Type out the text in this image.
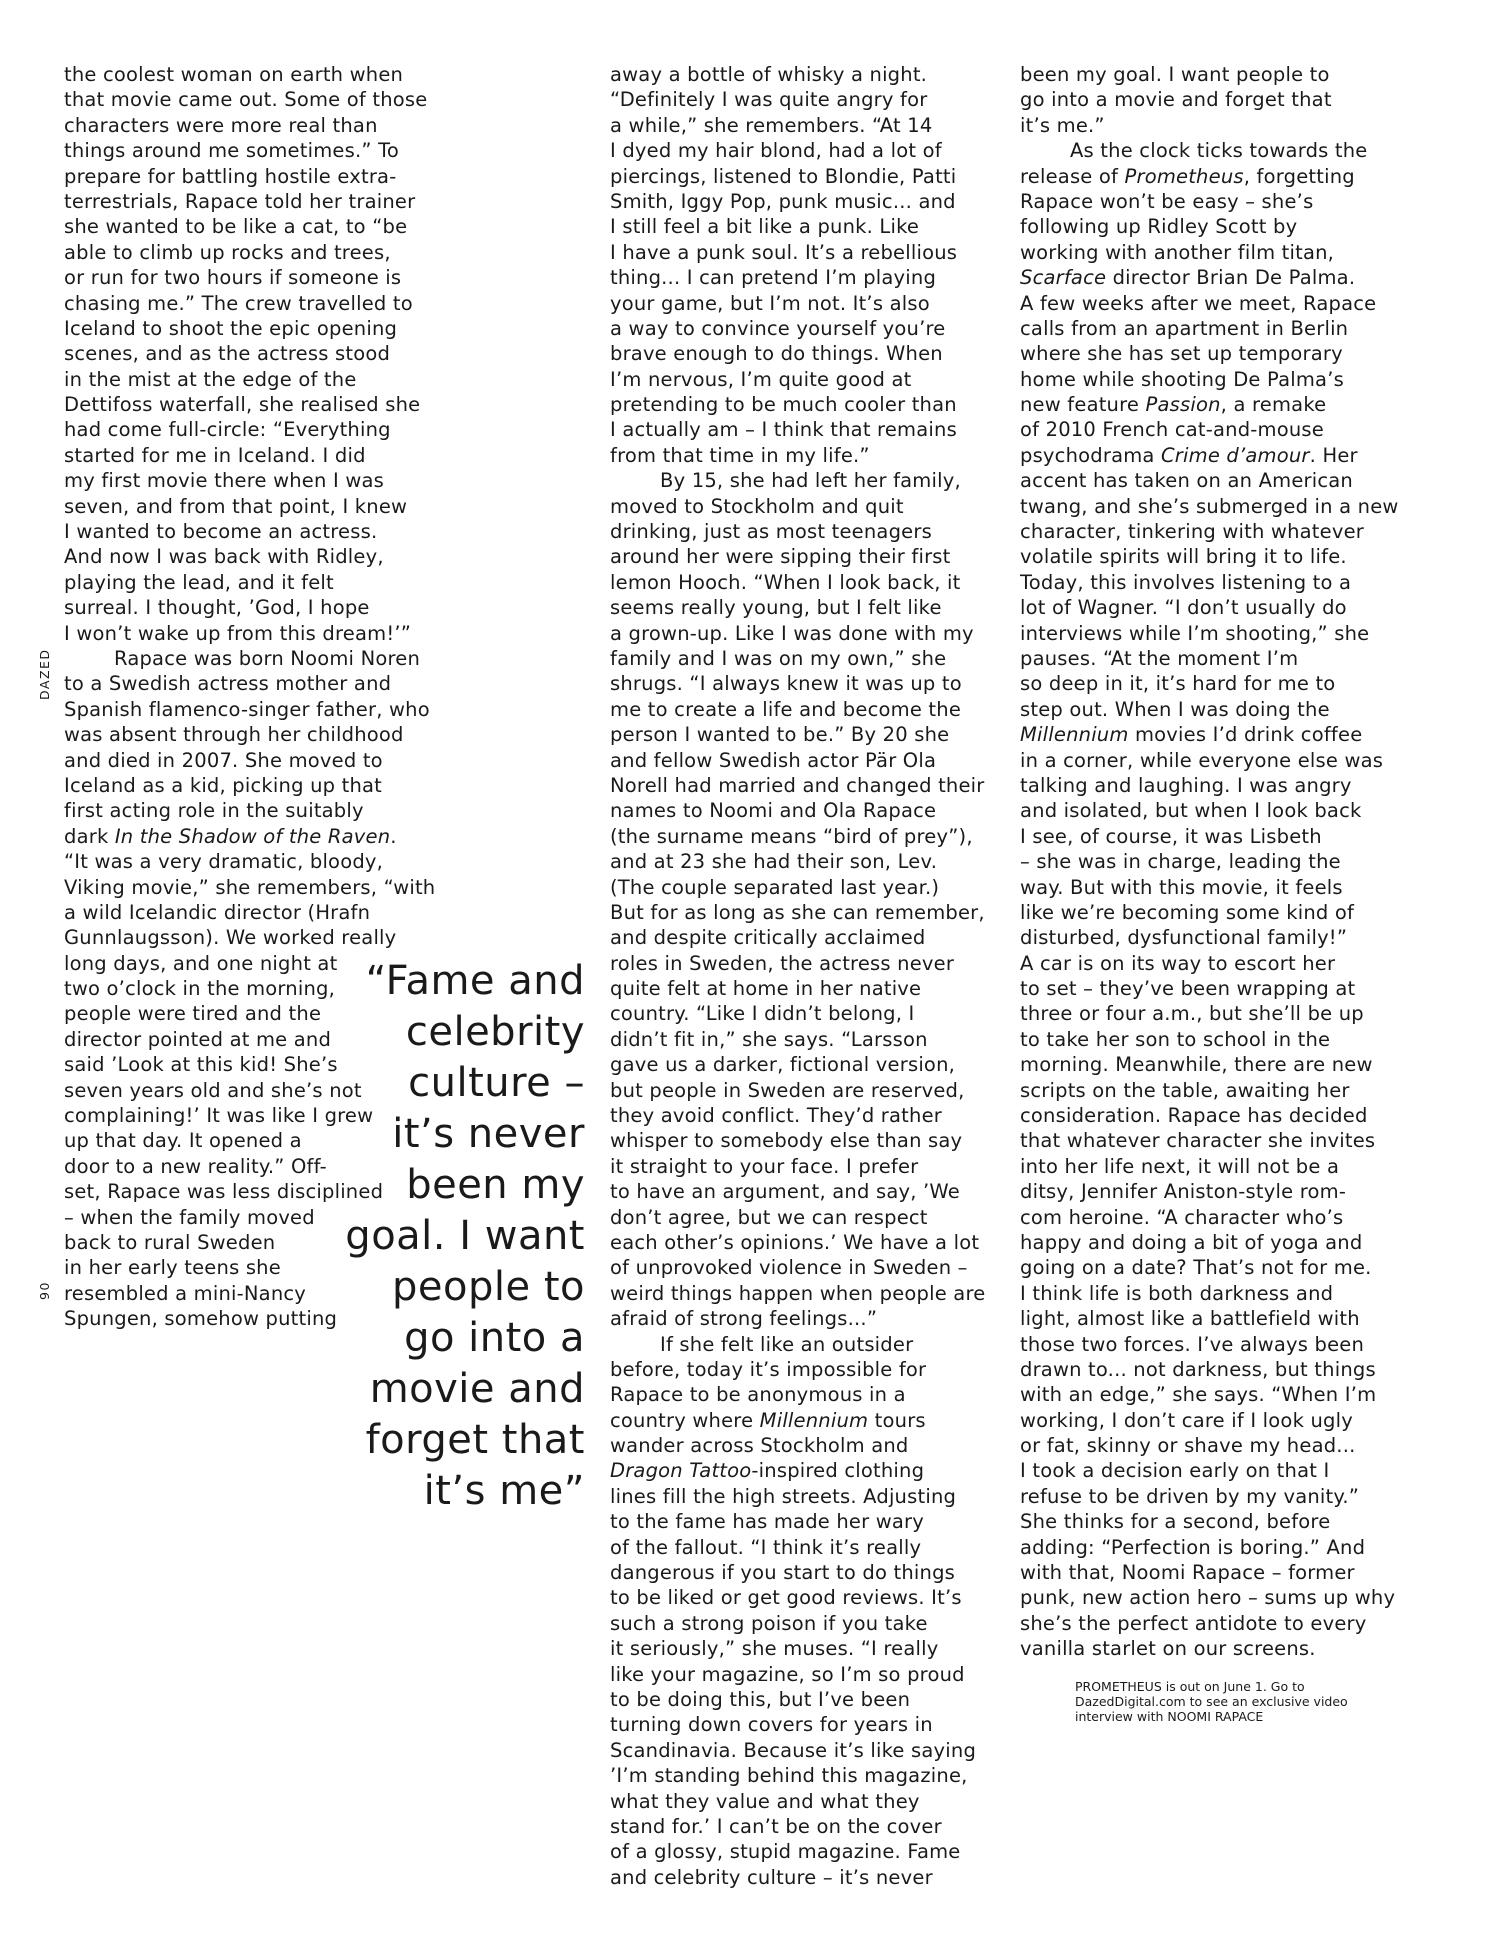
DAZED
90
the coolest woman on earth when
that movie came out. Some of those
characters were more real than
things around me sometimes.” To
prepare for battling hostile extra-
terrestrials, Rapace told her trainer
she wanted to be like a cat, to “be
able to climb up rocks and trees,
or run for two hours if someone is
chasing me.” The crew travelled to
Iceland to shoot the epic opening
scenes, and as the actress stood
in the mist at the edge of the
Dettifoss waterfall, she realised she
had come full-circle: “Everything
started for me in Iceland. I did
my first movie there when I was
seven, and from that point, I knew
I wanted to become an actress.
And now I was back with Ridley,
playing the lead, and it felt
surreal. I thought, ’God, I hope
I won’t wake up from this dream!’”
Rapace was born Noomi Noren
to a Swedish actress mother and
Spanish flamenco-singer father, who
was absent through her childhood
and died in 2007. She moved to
Iceland as a kid, picking up that
first acting role in the suitably
dark In the Shadow of the Raven.
“It was a very dramatic, bloody,
Viking movie,” she remembers, “with
a wild Icelandic director (Hrafn
Gunnlaugsson). We worked really
long days, and one night at
two o’clock in the morning,
people were tired and the
director pointed at me and
said ’Look at this kid! She’s
seven years old and she’s not
complaining!’ It was like I grew
up that day. It opened a
door to a new reality.” Off-
set, Rapace was less disciplined
– when the family moved
back to rural Sweden
in her early teens she
resembled a mini-Nancy
Spungen, somehow putting
“Fame and
celebrity
culture –
it’s never
been my
goal. I want
people to
go into a
movie and
forget that
it’s me”
away a bottle of whisky a night.
“Definitely I was quite angry for
a while,” she remembers. “At 14
I dyed my hair blond, had a lot of
piercings, listened to Blondie, Patti
Smith, Iggy Pop, punk music... and
I still feel a bit like a punk. Like
I have a punk soul. It’s a rebellious
thing... I can pretend I’m playing
your game, but I’m not. It’s also
a way to convince yourself you’re
brave enough to do things. When
I’m nervous, I’m quite good at
pretending to be much cooler than
I actually am – I think that remains
from that time in my life.”
By 15, she had left her family,
moved to Stockholm and quit
drinking, just as most teenagers
around her were sipping their first
lemon Hooch. “When I look back, it
seems really young, but I felt like
a grown-up. Like I was done with my
family and I was on my own,” she
shrugs. “I always knew it was up to
me to create a life and become the
person I wanted to be.” By 20 she
and fellow Swedish actor Pär Ola
Norell had married and changed their
names to Noomi and Ola Rapace
(the surname means “bird of prey”),
and at 23 she had their son, Lev.
(The couple separated last year.)
But for as long as she can remember,
and despite critically acclaimed
roles in Sweden, the actress never
quite felt at home in her native
country. “Like I didn’t belong, I
didn’t fit in,” she says. “Larsson
gave us a darker, fictional version,
but people in Sweden are reserved,
they avoid conflict. They’d rather
whisper to somebody else than say
it straight to your face. I prefer
to have an argument, and say, ’We
don’t agree, but we can respect
each other’s opinions.’ We have a lot
of unprovoked violence in Sweden –
weird things happen when people are
afraid of strong feelings...”
If she felt like an outsider
before, today it’s impossible for
Rapace to be anonymous in a
country where Millennium tours
wander across Stockholm and
Dragon Tattoo-inspired clothing
lines fill the high streets. Adjusting
to the fame has made her wary
of the fallout. “I think it’s really
dangerous if you start to do things
to be liked or get good reviews. It’s
such a strong poison if you take
it seriously,” she muses. “I really
like your magazine, so I’m so proud
to be doing this, but I’ve been
turning down covers for years in
Scandinavia. Because it’s like saying
’I’m standing behind this magazine,
what they value and what they
stand for.’ I can’t be on the cover
of a glossy, stupid magazine. Fame
and celebrity culture – it’s never
been my goal. I want people to
go into a movie and forget that
it’s me.”
As the clock ticks towards the
release of Prometheus, forgetting
Rapace won’t be easy – she’s
following up Ridley Scott by
working with another film titan,
Scarface director Brian De Palma.
A few weeks after we meet, Rapace
calls from an apartment in Berlin
where she has set up temporary
home while shooting De Palma’s
new feature Passion, a remake
of 2010 French cat-and-mouse
psychodrama Crime d’amour. Her
accent has taken on an American
twang, and she’s submerged in a new
character, tinkering with whatever
volatile spirits will bring it to life.
Today, this involves listening to a
lot of Wagner. “I don’t usually do
interviews while I’m shooting,” she
pauses. “At the moment I’m
so deep in it, it’s hard for me to
step out. When I was doing the
Millennium movies I’d drink coffee
in a corner, while everyone else was
talking and laughing. I was angry
and isolated, but when I look back
I see, of course, it was Lisbeth
– she was in charge, leading the
way. But with this movie, it feels
like we’re becoming some kind of
disturbed, dysfunctional family!”
A car is on its way to escort her
to set – they’ve been wrapping at
three or four a.m., but she’ll be up
to take her son to school in the
morning. Meanwhile, there are new
scripts on the table, awaiting her
consideration. Rapace has decided
that whatever character she invites
into her life next, it will not be a
ditsy, Jennifer Aniston-style rom-
com heroine. “A character who’s
happy and doing a bit of yoga and
going on a date? That’s not for me.
I think life is both darkness and
light, almost like a battlefield with
those two forces. I’ve always been
drawn to... not darkness, but things
with an edge,” she says. “When I’m
working, I don’t care if I look ugly
or fat, skinny or shave my head...
I took a decision early on that I
refuse to be driven by my vanity.”
She thinks for a second, before
adding: “Perfection is boring.” And
with that, Noomi Rapace – former
punk, new action hero – sums up why
she’s the perfect antidote to every
vanilla starlet on our screens.
PROMETHEUS is out on June 1. Go to
DazedDigital.com to see an exclusive video
interview with NOOMI RAPACE
